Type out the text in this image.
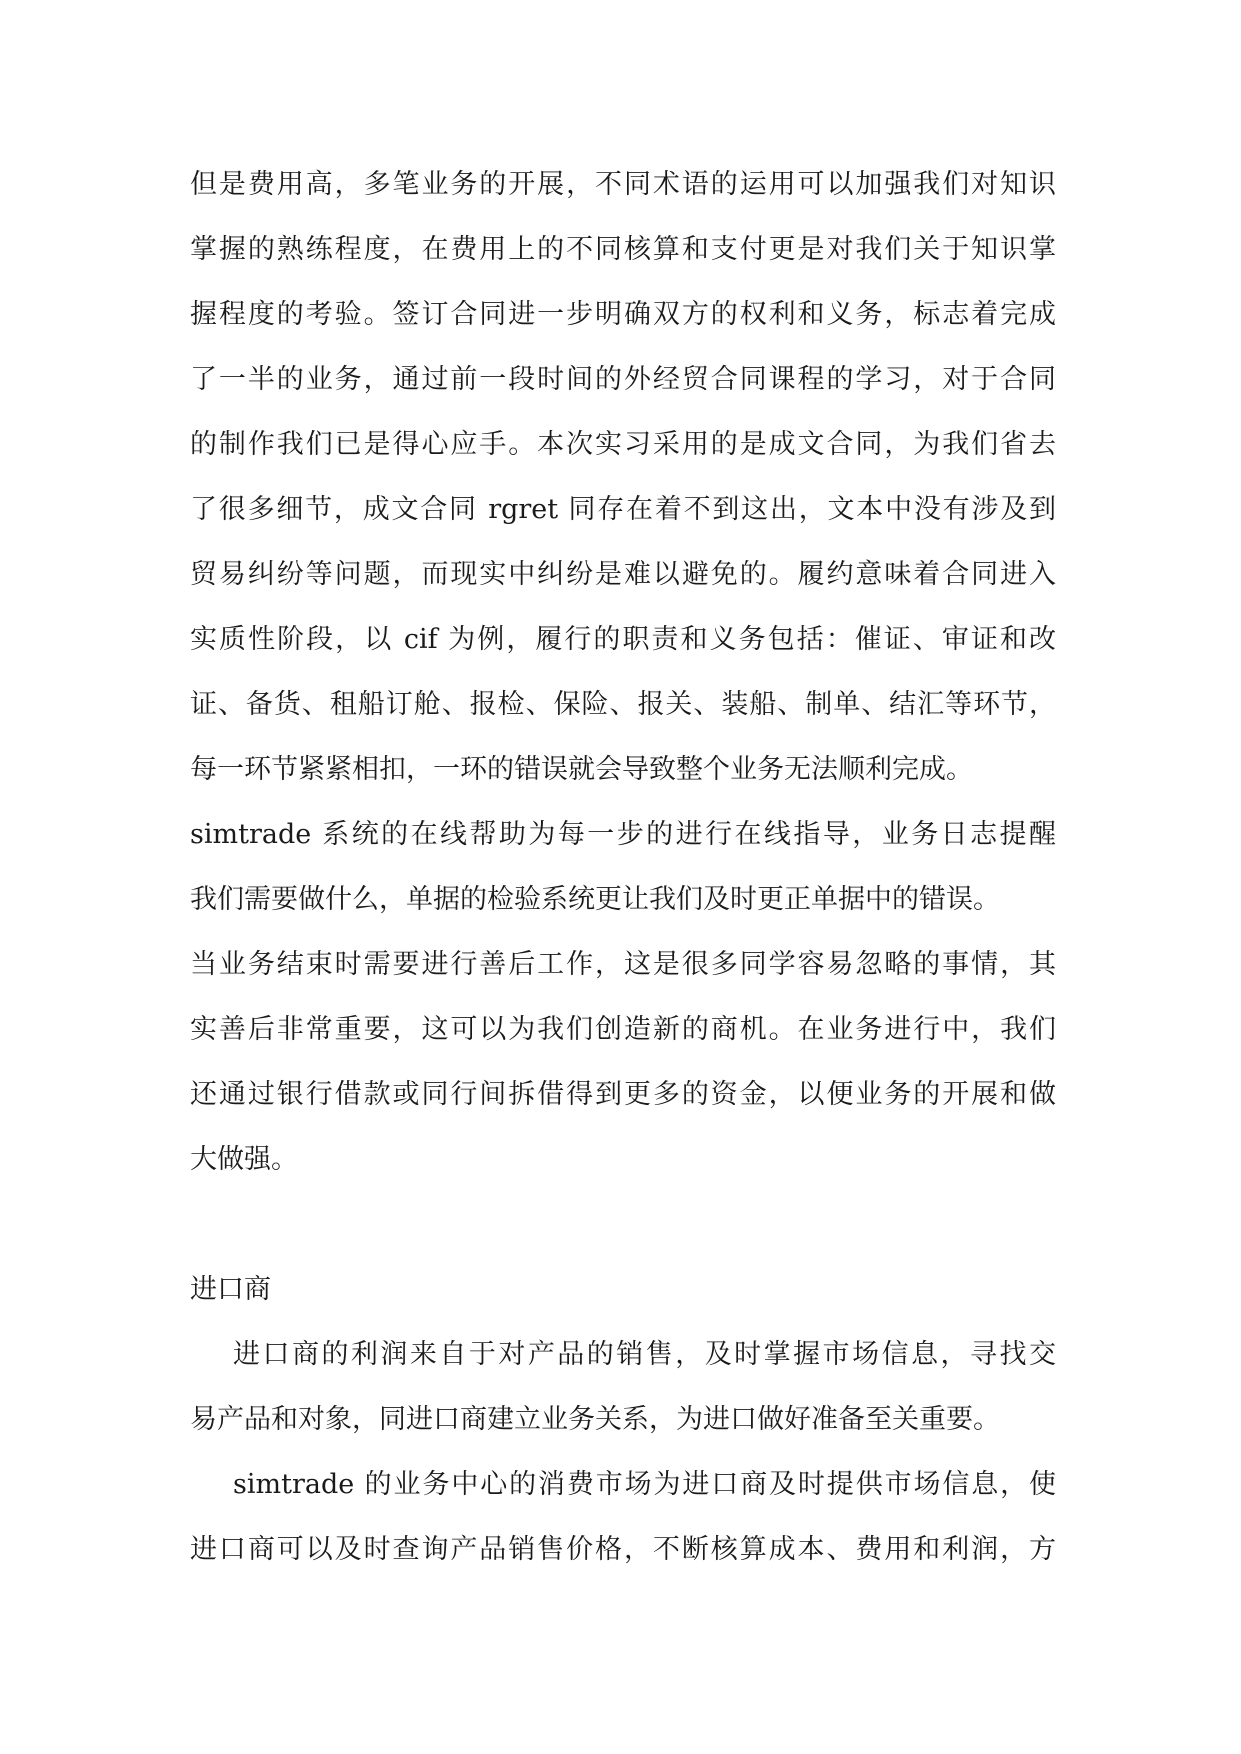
但是费用高，多笔业务的开展，不同术语的运用可以加强我们对知识
掌握的熟练程度，在费用上的不同核算和支付更是对我们关于知识掌
握程度的考验。签订合同进一步明确双方的权利和义务，标志着完成
了一半的业务，通过前一段时间的外经贸合同课程的学习，对于合同
的制作我们已是得心应手。本次实习采用的是成文合同，为我们省去
了很多细节，成文合同 rgret 同存在着不到这出，文本中没有涉及到
贸易纠纷等问题，而现实中纠纷是难以避免的。履约意味着合同进入
实质性阶段，以 cif 为例，履行的职责和义务包括：催证、审证和改
证、备货、租船订舱、报检、保险、报关、装船、制单、结汇等环节，
每一环节紧紧相扣，一环的错误就会导致整个业务无法顺利完成。
simtrade 系统的在线帮助为每一步的进行在线指导，业务日志提醒
我们需要做什么，单据的检验系统更让我们及时更正单据中的错误。
当业务结束时需要进行善后工作，这是很多同学容易忽略的事情，其
实善后非常重要，这可以为我们创造新的商机。在业务进行中，我们
还通过银行借款或同行间拆借得到更多的资金，以便业务的开展和做
大做强。
进口商
进口商的利润来自于对产品的销售，及时掌握市场信息，寻找交
易产品和对象，同进口商建立业务关系，为进口做好准备至关重要。
simtrade 的业务中心的消费市场为进口商及时提供市场信息，使
进口商可以及时查询产品销售价格，不断核算成本、费用和利润，方
